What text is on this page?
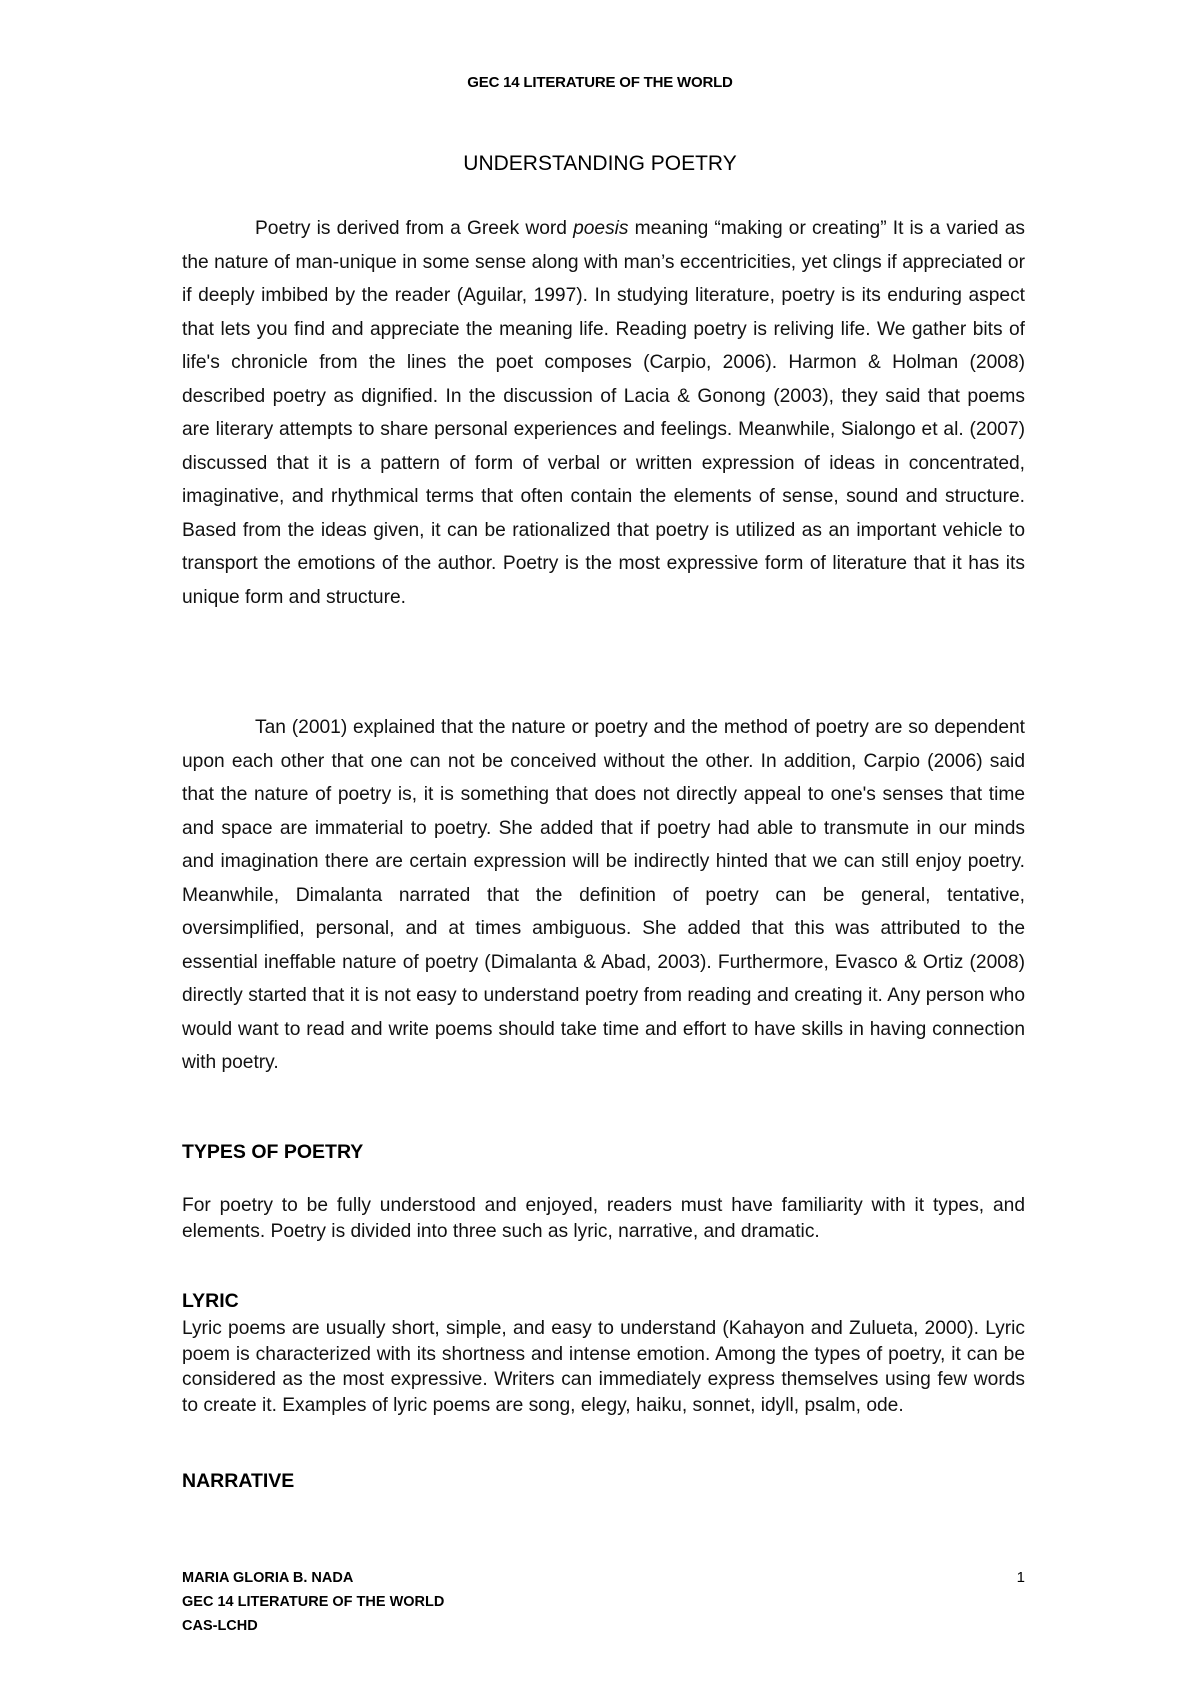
GEC 14 LITERATURE OF THE WORLD
UNDERSTANDING POETRY

Poetry is derived from a Greek word poesis meaning “making or creating” It is a varied as the nature of man-unique in some sense along with man’s eccentricities, yet clings if appreciated or if deeply imbibed by the reader (Aguilar, 1997). In studying literature, poetry is its enduring aspect that lets you find and appreciate the meaning life. Reading poetry is reliving life. We gather bits of life's chronicle from the lines the poet composes (Carpio, 2006). Harmon & Holman (2008) described poetry as dignified. In the discussion of Lacia & Gonong (2003), they said that poems are literary attempts to share personal experiences and feelings. Meanwhile, Sialongo et al. (2007) discussed that it is a pattern of form of verbal or written expression of ideas in concentrated, imaginative, and rhythmical terms that often contain the elements of sense, sound and structure. Based from the ideas given, it can be rationalized that poetry is utilized as an important vehicle to transport the emotions of the author. Poetry is the most expressive form of literature that it has its unique form and structure.

Tan (2001) explained that the nature or poetry and the method of poetry are so dependent upon each other that one can not be conceived without the other. In addition, Carpio (2006) said that the nature of poetry is, it is something that does not directly appeal to one's senses that time and space are immaterial to poetry. She added that if poetry had able to transmute in our minds and imagination there are certain expression will be indirectly hinted that we can still enjoy poetry. Meanwhile, Dimalanta narrated that the definition of poetry can be general, tentative, oversimplified, personal, and at times ambiguous. She added that this was attributed to the essential ineffable nature of poetry (Dimalanta & Abad, 2003). Furthermore, Evasco & Ortiz (2008) directly started that it is not easy to understand poetry from reading and creating it. Any person who would want to read and write poems should take time and effort to have skills in having connection with poetry.

TYPES OF POETRY

For poetry to be fully understood and enjoyed, readers must have familiarity with it types, and elements. Poetry is divided into three such as lyric, narrative, and dramatic.

LYRIC

Lyric poems are usually short, simple, and easy to understand (Kahayon and Zulueta, 2000). Lyric poem is characterized with its shortness and intense emotion. Among the types of poetry, it can be considered as the most expressive. Writers can immediately express themselves using few words to create it. Examples of lyric poems are song, elegy, haiku, sonnet, idyll, psalm, ode.

NARRATIVE
MARIA GLORIA B. NADA
GEC 14 LITERATURE OF THE WORLD
CAS-LCHD
1
